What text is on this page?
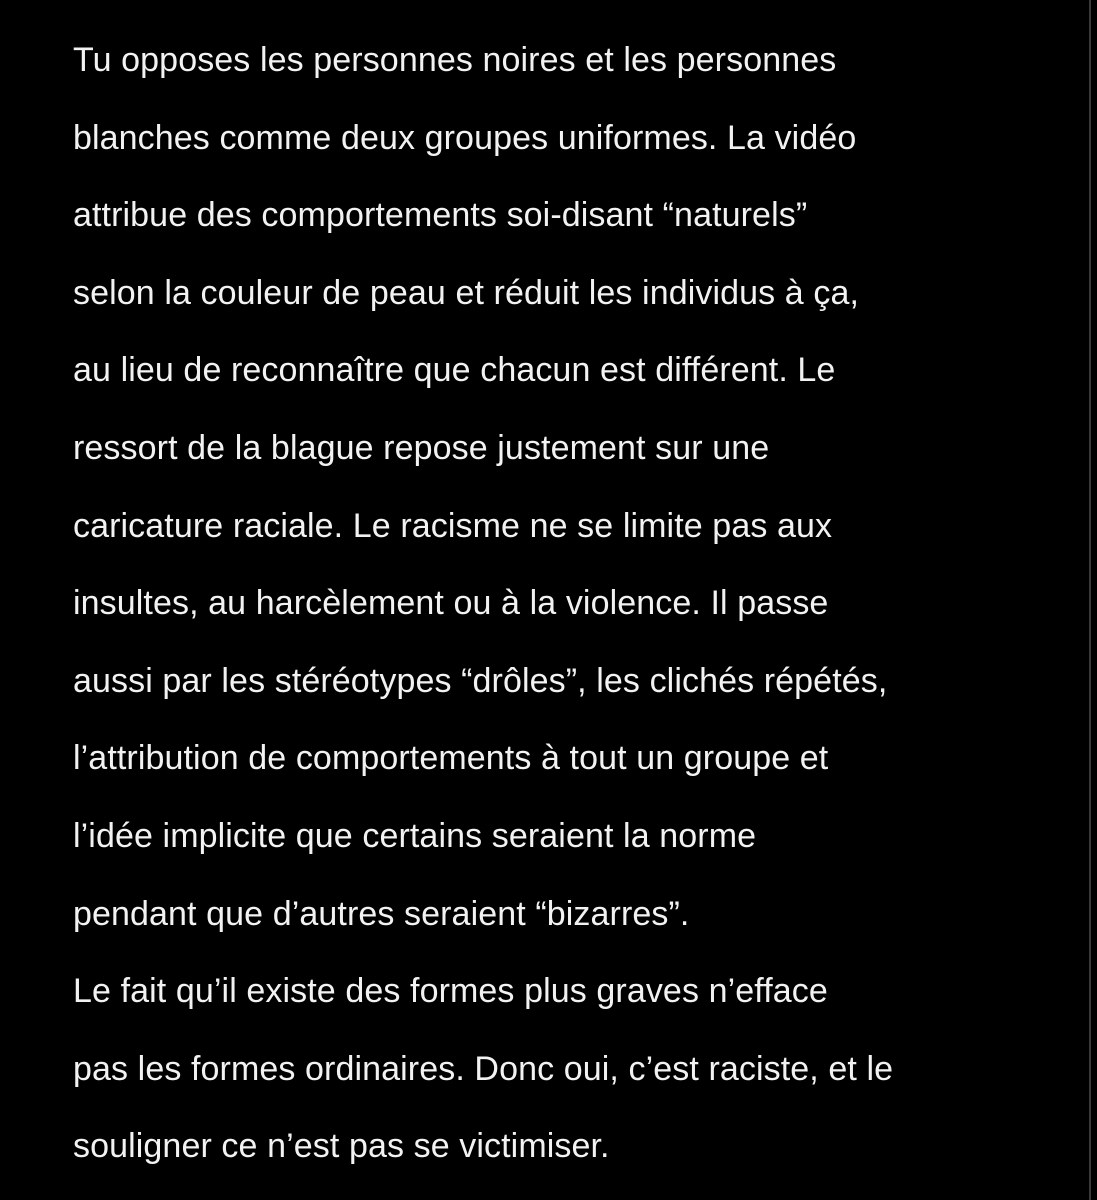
Tu opposes les personnes noires et les personnes
blanches comme deux groupes uniformes. La vidéo
attribue des comportements soi-disant “naturels”
selon la couleur de peau et réduit les individus à ça,
au lieu de reconnaître que chacun est différent. Le
ressort de la blague repose justement sur une
caricature raciale. Le racisme ne se limite pas aux
insultes, au harcèlement ou à la violence. Il passe
aussi par les stéréotypes “drôles”, les clichés répétés,
l’attribution de comportements à tout un groupe et
l’idée implicite que certains seraient la norme
pendant que d’autres seraient “bizarres”.
Le fait qu’il existe des formes plus graves n’efface
pas les formes ordinaires. Donc oui, c’est raciste, et le
souligner ce n’est pas se victimiser.
